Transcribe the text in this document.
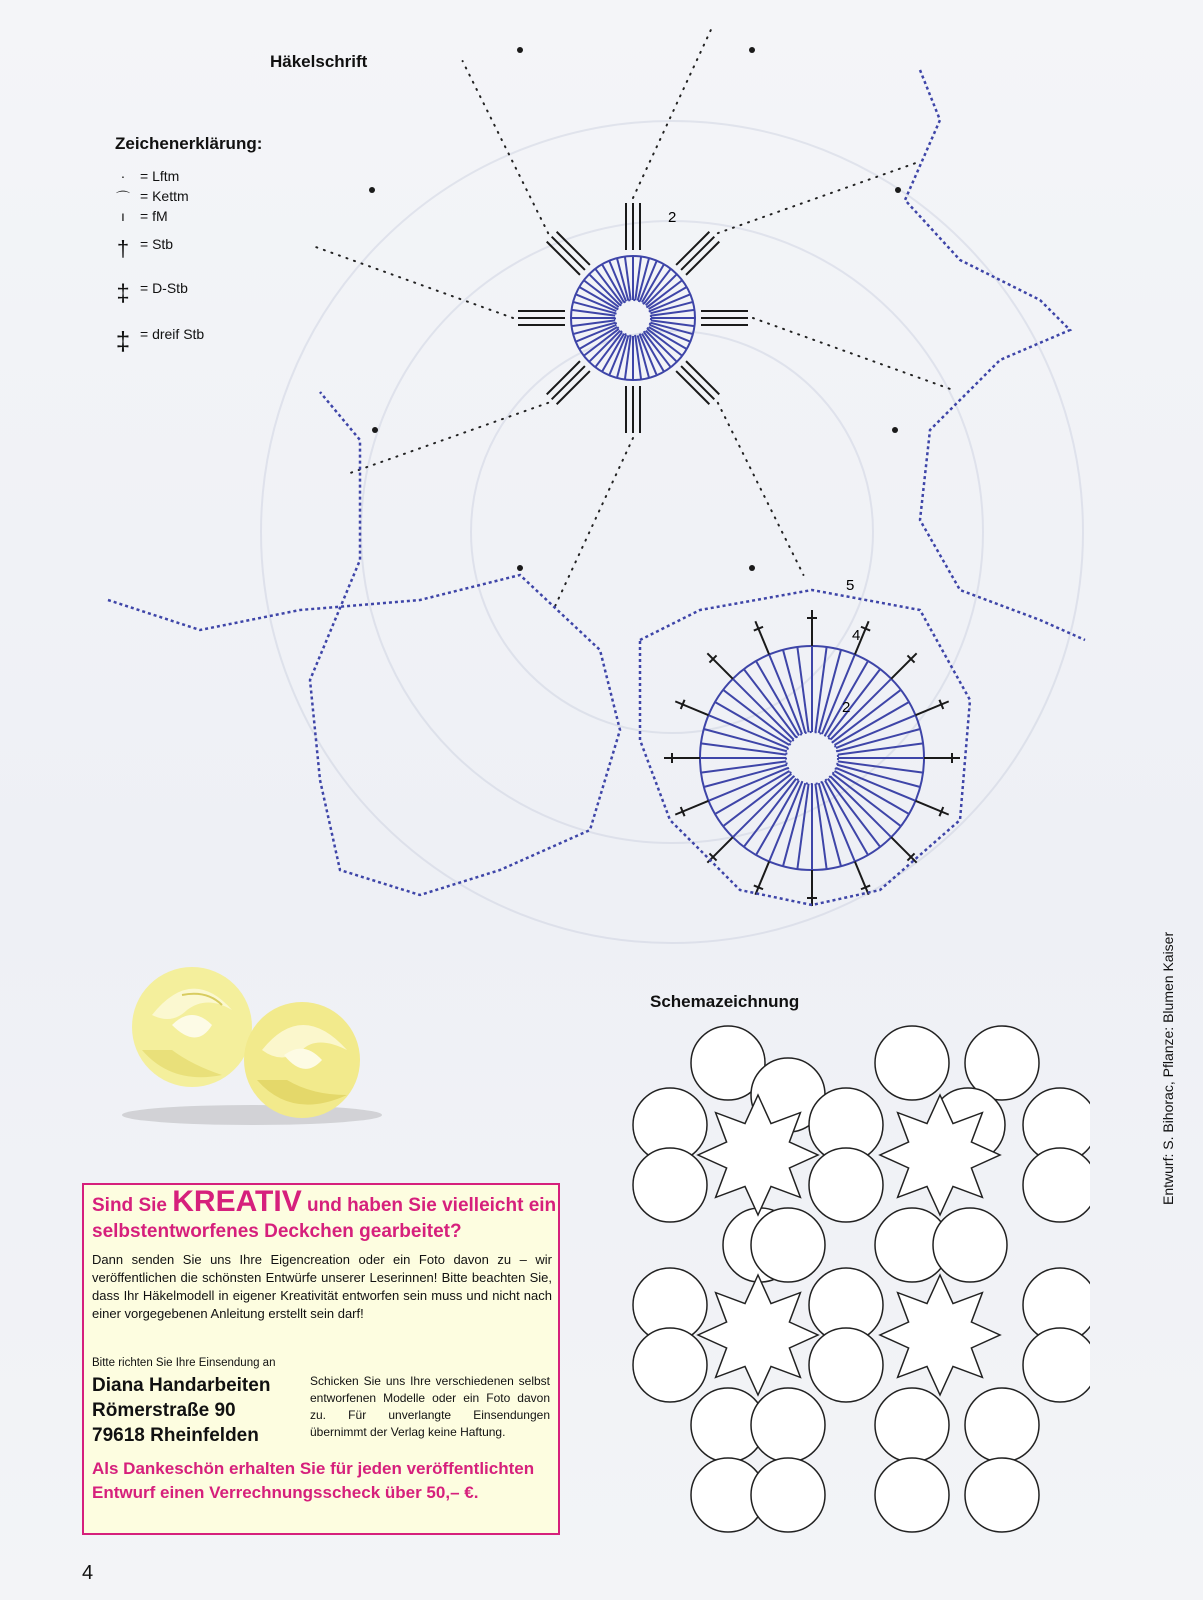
Häkelschrift
Zeichenerklärung:
·	= Lftm
⌒ = Kettm
ı	= fM
† = Stb
‡ = D-Stb
‡ = dreif Stb
2
5
4
2
Schemazeichnung	Entwurf: S. Bihorac, Pflanze: Blumen Kaiser
Sind Sie KREATIV und haben Sie vielleicht ein selbstentworfenes Deckchen gearbeitet?
Dann senden Sie uns Ihre Eigencreation oder ein Foto davon zu – wir veröffentlichen die schönsten Entwürfe unserer Leserinnen! Bitte beachten Sie, dass Ihr Häkelmodell in eigener Kreativität entworfen sein muss und nicht nach einer vorgegebenen Anleitung erstellt sein darf!
Bitte richten Sie Ihre Einsendung an
Diana Handarbeiten
Römerstraße 90
79618 Rheinfelden
Schicken Sie uns Ihre verschiedenen selbst entworfenen Modelle oder ein Foto davon zu. Für unverlangte Einsendungen übernimmt der Verlag keine Haftung.
Als Dankeschön erhalten Sie für jeden veröffentlichten Entwurf einen Verrechnungsscheck über 50,– €.
4
